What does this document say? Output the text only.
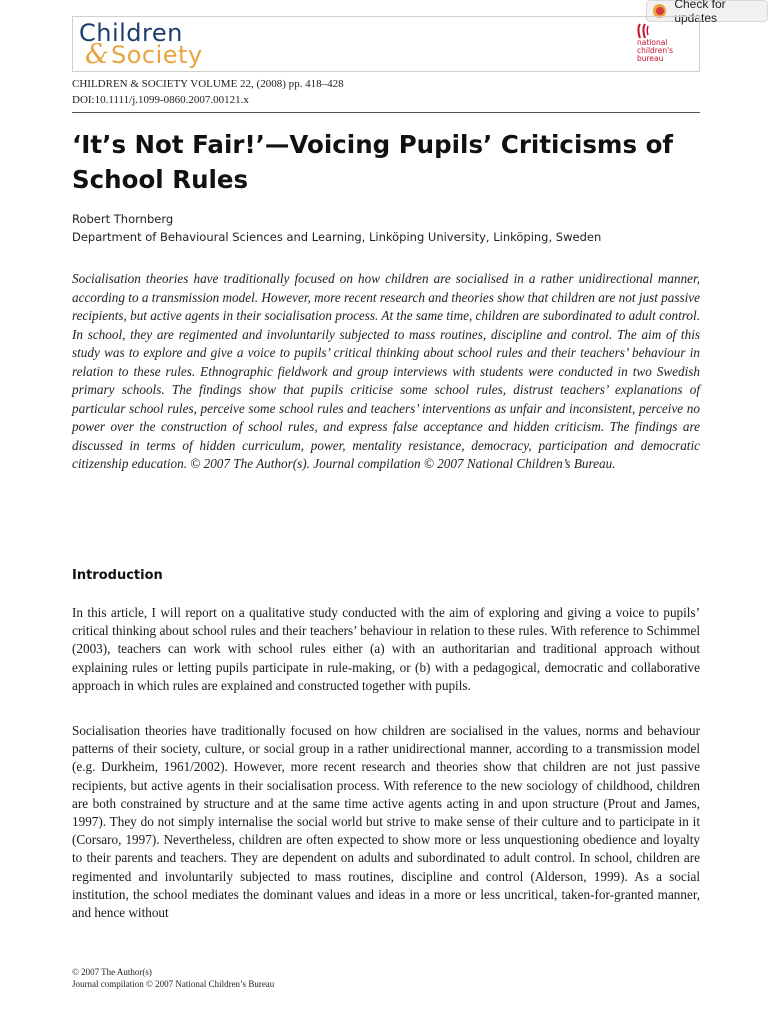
Check for updates
Children
& Society	national
children's
bureau
CHILDREN & SOCIETY VOLUME 22, (2008) pp. 418–428
DOI:10.1111/j.1099-0860.2007.00121.x
‘It’s Not Fair!’—Voicing Pupils’ Criticisms of School Rules
Robert Thornberg
Department of Behavioural Sciences and Learning, Linköping University, Linköping, Sweden

Socialisation theories have traditionally focused on how children are socialised in a rather unidirectional manner, according to a transmission model. However, more recent research and theories show that children are not just passive recipients, but active agents in their socialisation process. At the same time, children are subordinated to adult control. In school, they are regimented and involuntarily subjected to mass routines, discipline and control. The aim of this study was to explore and give a voice to pupils’ critical thinking about school rules and their teachers’ behaviour in relation to these rules. Ethnographic fieldwork and group interviews with students were conducted in two Swedish primary schools. The findings show that pupils criticise some school rules, distrust teachers’ explanations of particular school rules, perceive some school rules and teachers’ interventions as unfair and inconsistent, perceive no power over the construction of school rules, and express false acceptance and hidden criticism. The findings are discussed in terms of hidden curriculum, power, mentality resistance, democracy, participation and democratic citizenship education. © 2007 The Author(s). Journal compilation © 2007 National Children’s Bureau.

Introduction

In this article, I will report on a qualitative study conducted with the aim of exploring and giving a voice to pupils’ critical thinking about school rules and their teachers’ behaviour in relation to these rules. With reference to Schimmel (2003), teachers can work with school rules either (a) with an authoritarian and traditional approach without explaining rules or letting pupils participate in rule-making, or (b) with a pedagogical, democratic and collaborative approach in which rules are explained and constructed together with pupils.

Socialisation theories have traditionally focused on how children are socialised in the values, norms and behaviour patterns of their society, culture, or social group in a rather unidirectional manner, according to a transmission model (e.g. Durkheim, 1961/2002). However, more recent research and theories show that children are not just passive recipients, but active agents in their socialisation process. With reference to the new sociology of childhood, children are both constrained by structure and at the same time active agents acting in and upon structure (Prout and James, 1997). They do not simply internalise the social world but strive to make sense of their culture and to participate in it (Corsaro, 1997). Nevertheless, children are often expected to show more or less unquestioning obedience and loyalty to their parents and teachers. They are dependent on adults and subordinated to adult control. In school, children are regimented and involuntarily subjected to mass routines, discipline and control (Alderson, 1999). As a social institution, the school mediates the dominant values and ideas in a more or less uncritical, taken-for-granted manner, and hence without

© 2007 The Author(s)
Journal compilation © 2007 National Children’s Bureau
